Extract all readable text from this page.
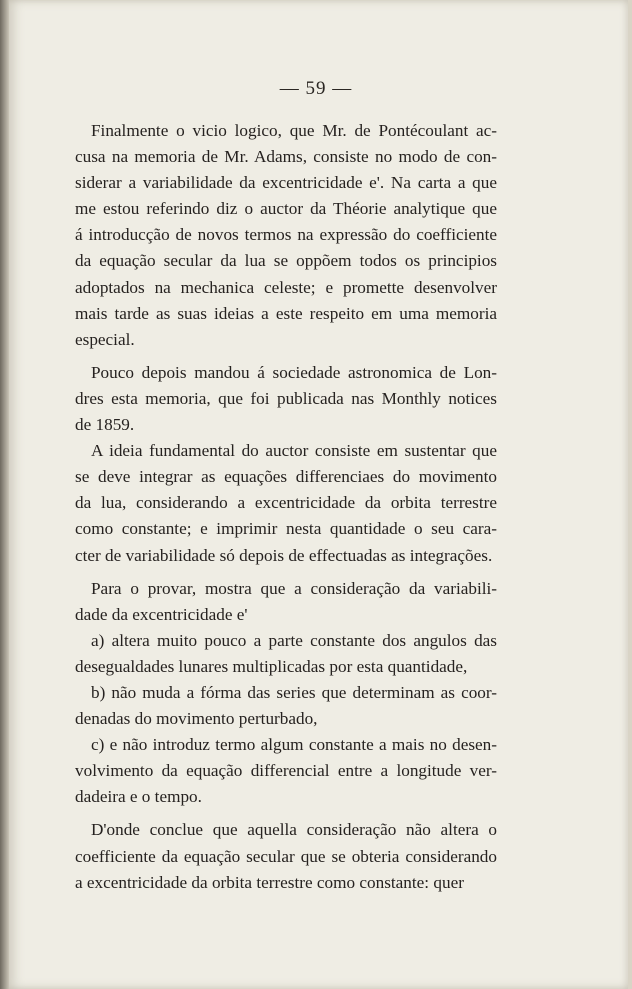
— 59 —
Finalmente o vicio logico, que Mr. de Pontécoulant ac-
cusa na memoria de Mr. Adams, consiste no modo de con-
siderar a variabilidade da excentricidade e'. Na carta a que
me estou referindo diz o auctor da Théorie analytique que
á introducção de novos termos na expressão do coefficiente
da equação secular da lua se oppõem todos os principios
adoptados na mechanica celeste; e promette desenvolver
mais tarde as suas ideias a este respeito em uma memoria
especial.
Pouco depois mandou á sociedade astronomica de Lon-
dres esta memoria, que foi publicada nas Monthly notices
de 1859.
A ideia fundamental do auctor consiste em sustentar que
se deve integrar as equações differenciaes do movimento
da lua, considerando a excentricidade da orbita terrestre
como constante; e imprimir nesta quantidade o seu cara-
cter de variabilidade só depois de effectuadas as integrações.
Para o provar, mostra que a consideração da variabili-
dade da excentricidade e'
a) altera muito pouco a parte constante dos angulos das
desegualdades lunares multiplicadas por esta quantidade,
b) não muda a fórma das series que determinam as coor-
denadas do movimento perturbado,
c) e não introduz termo algum constante a mais no desen-
volvimento da equação differencial entre a longitude ver-
dadeira e o tempo.
D'onde conclue que aquella consideração não altera o
coefficiente da equação secular que se obteria considerando
a excentricidade da orbita terrestre como constante: quer
